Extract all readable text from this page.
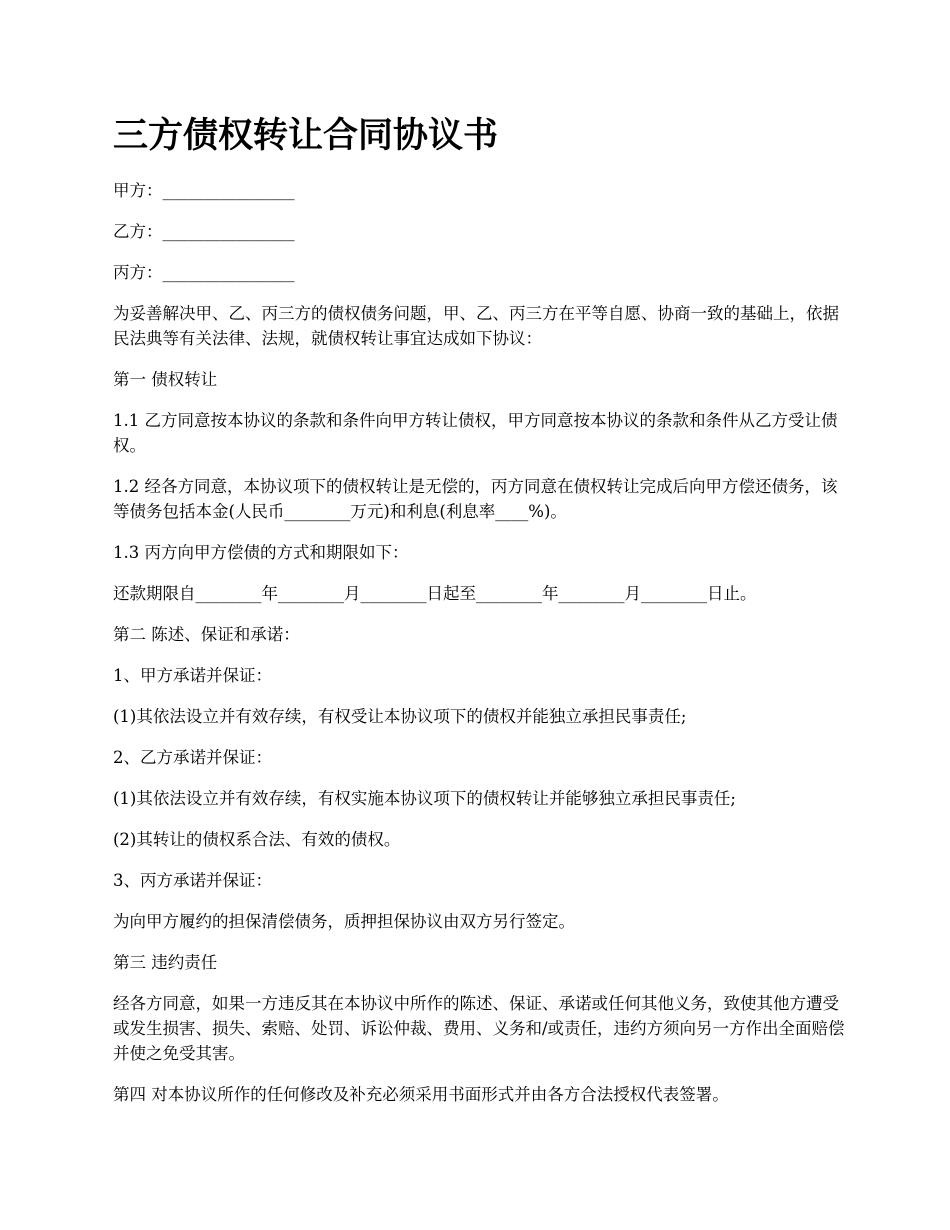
三方债权转让合同协议书

甲方：________________

乙方：________________

丙方：________________

为妥善解决甲、乙、丙三方的债权债务问题，甲、乙、丙三方在平等自愿、协商一致的基础上，依据民法典等有关法律、法规，就债权转让事宜达成如下协议：

第一 债权转让

1.1 乙方同意按本协议的条款和条件向甲方转让债权，甲方同意按本协议的条款和条件从乙方受让债权。

1.2 经各方同意，本协议项下的债权转让是无偿的，丙方同意在债权转让完成后向甲方偿还债务，该等债务包括本金(人民币________万元)和利息(利息率____%)。

1.3 丙方向甲方偿债的方式和期限如下：

还款期限自________年________月________日起至________年________月________日止。

第二 陈述、保证和承诺：

1、甲方承诺并保证：

(1)其依法设立并有效存续，有权受让本协议项下的债权并能独立承担民事责任;

2、乙方承诺并保证：

(1)其依法设立并有效存续，有权实施本协议项下的债权转让并能够独立承担民事责任;

(2)其转让的债权系合法、有效的债权。

3、丙方承诺并保证：

为向甲方履约的担保清偿债务，质押担保协议由双方另行签定。

第三 违约责任

经各方同意，如果一方违反其在本协议中所作的陈述、保证、承诺或任何其他义务，致使其他方遭受或发生损害、损失、索赔、处罚、诉讼仲裁、费用、义务和/或责任，违约方须向另一方作出全面赔偿并使之免受其害。

第四 对本协议所作的任何修改及补充必须采用书面形式并由各方合法授权代表签署。
